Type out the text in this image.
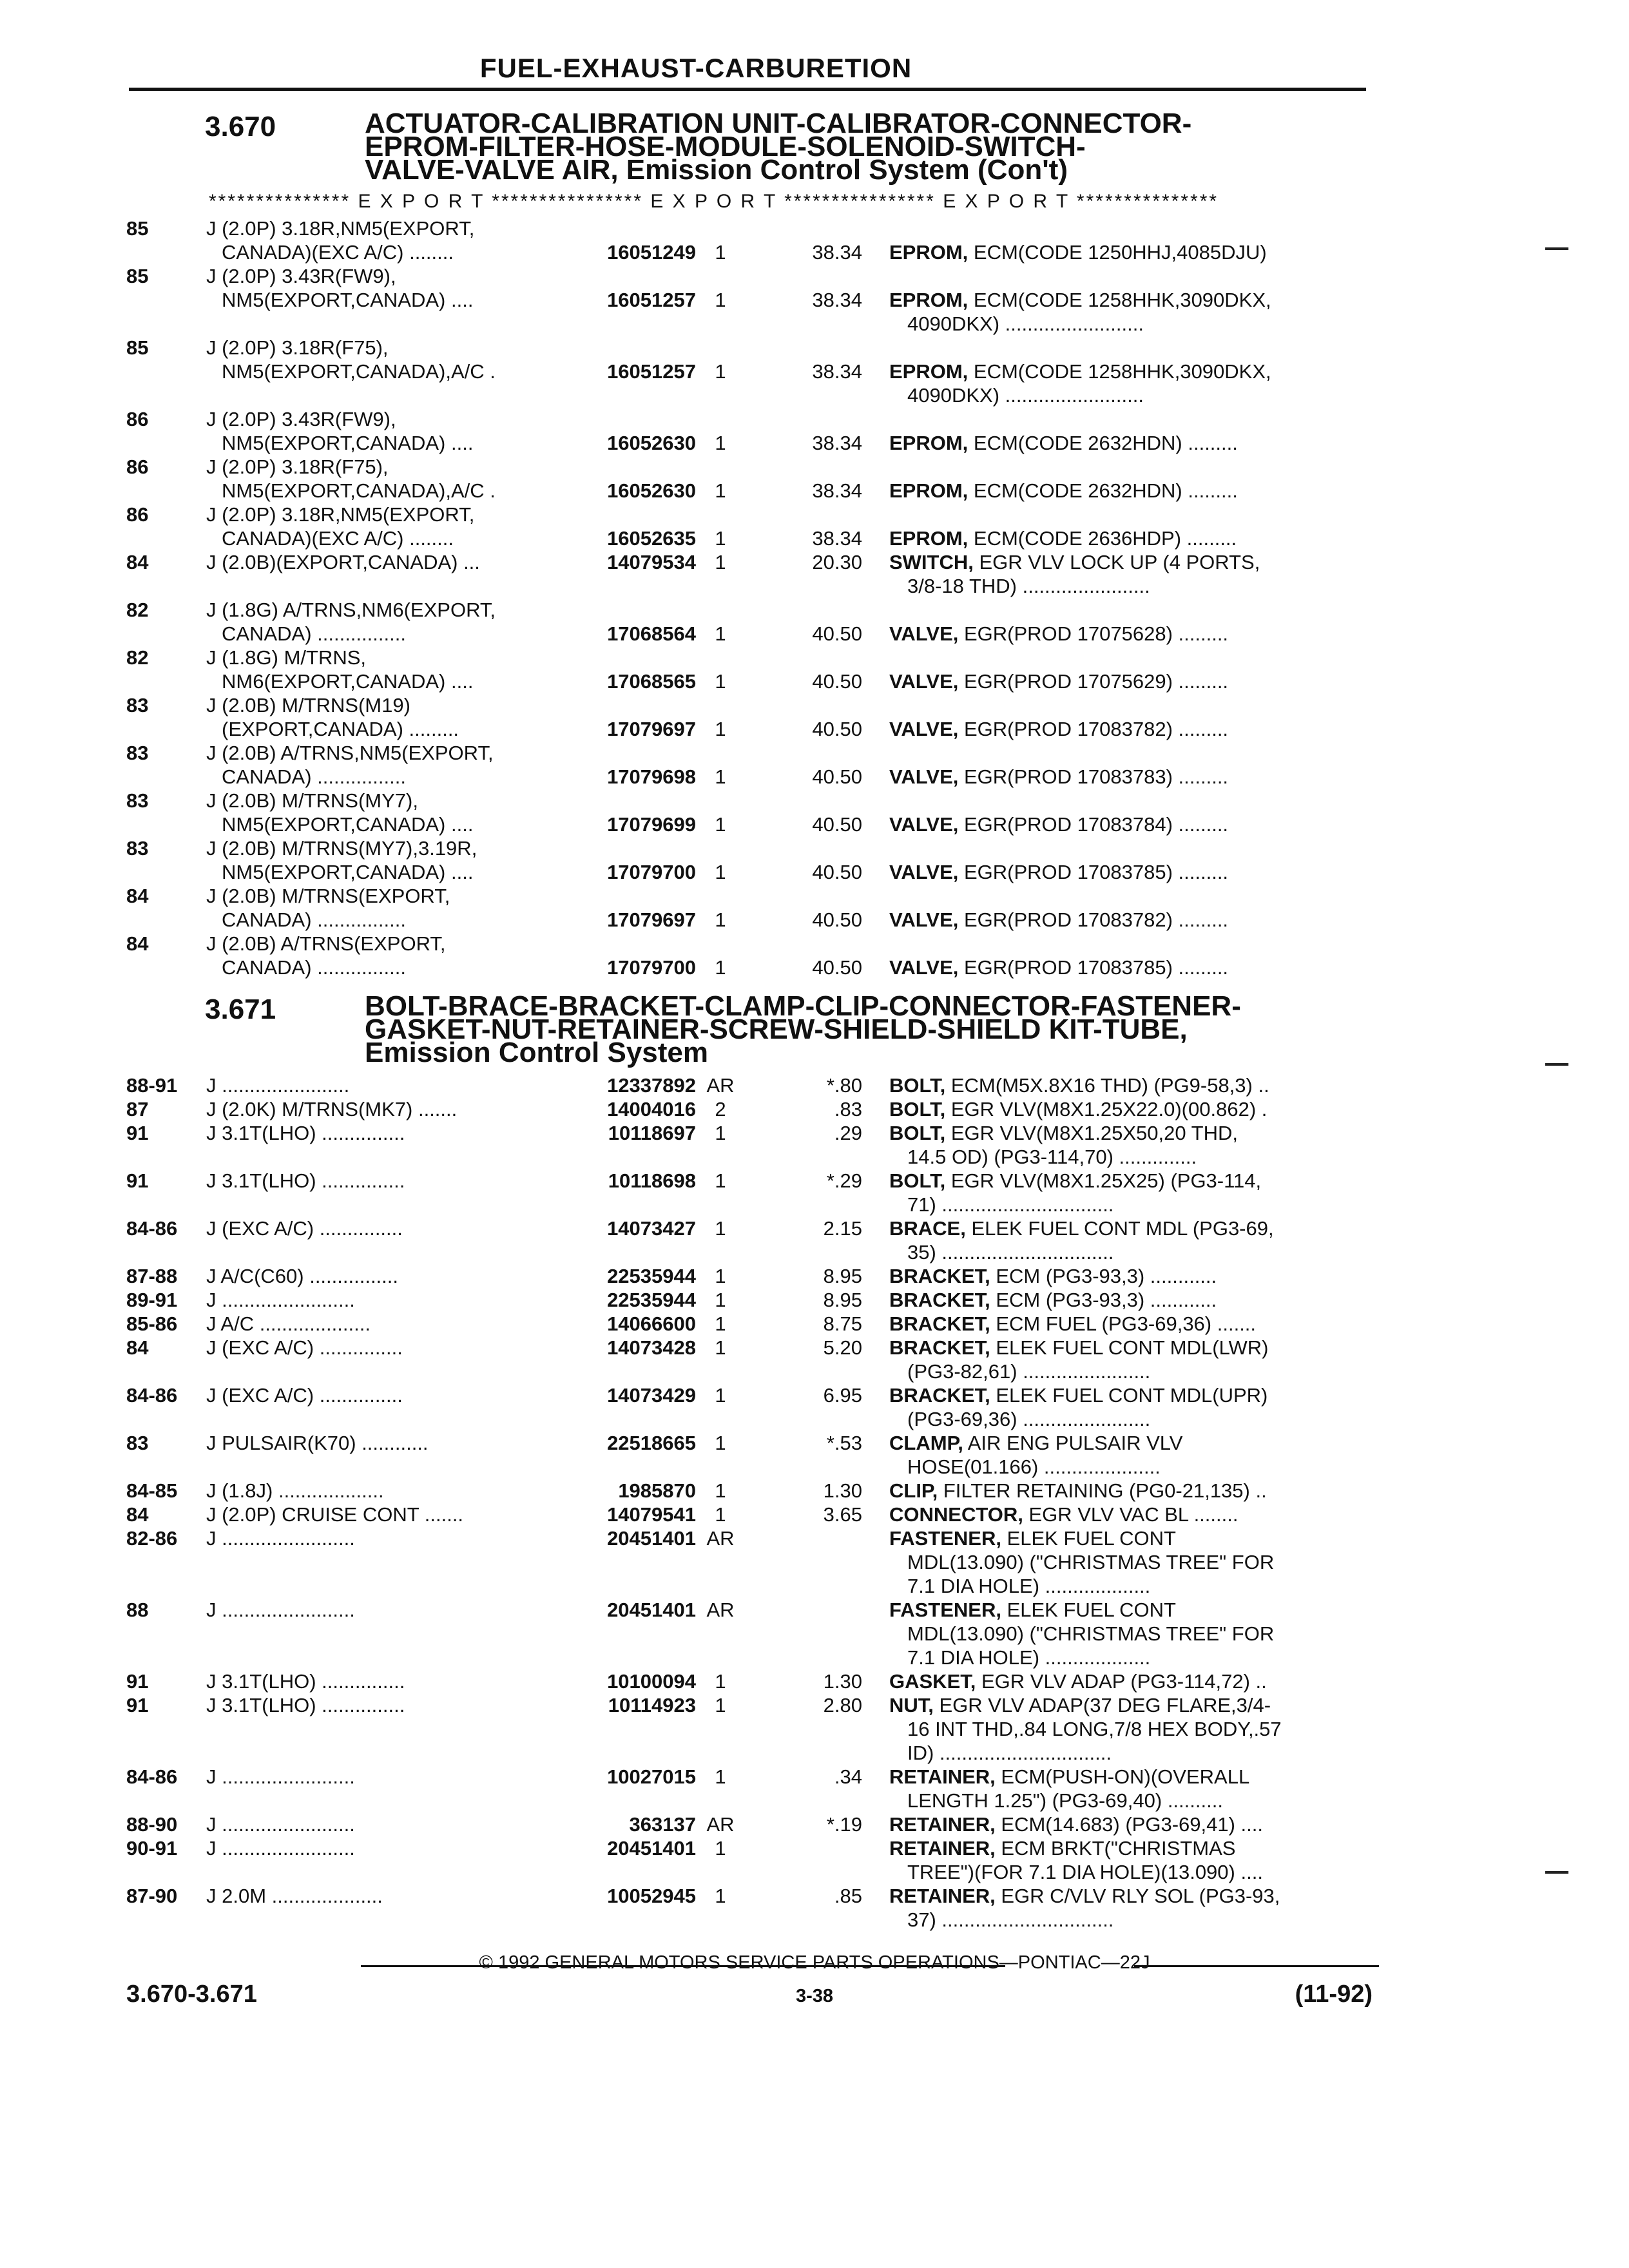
FUEL-EXHAUST-CARBURETION
3.670	ACTUATOR-CALIBRATION UNIT-CALIBRATOR-CONNECTOR-
EPROM-FILTER-HOSE-MODULE-SOLENOID-SWITCH-
VALVE-VALVE AIR, Emission Control System (Con't)
*************** E X P O R T **************** E X P O R T **************** E X P O R T ***************
85	J (2.0P) 3.18R,NM5(EXPORT,
CANADA)(EXC A/C) ........	16051249 1	38.34 EPROM, ECM(CODE 1250HHJ,4085DJU)
85	J (2.0P) 3.43R(FW9),
NM5(EXPORT,CANADA) ....	16051257 1	38.34 EPROM, ECM(CODE 1258HHK,3090DKX,
4090DKX) .........................
85	J (2.0P) 3.18R(F75),
NM5(EXPORT,CANADA),A/C .	16051257 1	38.34 EPROM, ECM(CODE 1258HHK,3090DKX,
4090DKX) .........................
86	J (2.0P) 3.43R(FW9),
NM5(EXPORT,CANADA) ....	16052630 1	38.34 EPROM, ECM(CODE 2632HDN) .........
86	J (2.0P) 3.18R(F75),
NM5(EXPORT,CANADA),A/C .	16052630 1	38.34 EPROM, ECM(CODE 2632HDN) .........
86	J (2.0P) 3.18R,NM5(EXPORT,
CANADA)(EXC A/C) ........	16052635 1	38.34 EPROM, ECM(CODE 2636HDP) .........
84	J (2.0B)(EXPORT,CANADA) ...	14079534 1	20.30 SWITCH, EGR VLV LOCK UP (4 PORTS,
3/8-18 THD) .......................
82	J (1.8G) A/TRNS,NM6(EXPORT,
CANADA) ................	17068564 1	40.50 VALVE, EGR(PROD 17075628) .........
82	J (1.8G) M/TRNS,
NM6(EXPORT,CANADA) ....	17068565 1	40.50 VALVE, EGR(PROD 17075629) .........
83	J (2.0B) M/TRNS(M19)
(EXPORT,CANADA) .........	17079697 1	40.50 VALVE, EGR(PROD 17083782) .........
83	J (2.0B) A/TRNS,NM5(EXPORT,
CANADA) ................	17079698 1	40.50 VALVE, EGR(PROD 17083783) .........
83	J (2.0B) M/TRNS(MY7),
NM5(EXPORT,CANADA) ....	17079699 1	40.50 VALVE, EGR(PROD 17083784) .........
83	J (2.0B) M/TRNS(MY7),3.19R,
NM5(EXPORT,CANADA) ....	17079700 1	40.50 VALVE, EGR(PROD 17083785) .........
84	J (2.0B) M/TRNS(EXPORT,
CANADA) ................	17079697 1	40.50 VALVE, EGR(PROD 17083782) .........
84	J (2.0B) A/TRNS(EXPORT,
CANADA) ................	17079700 1	40.50 VALVE, EGR(PROD 17083785) .........
3.671	BOLT-BRACE-BRACKET-CLAMP-CLIP-CONNECTOR-FASTENER-
GASKET-NUT-RETAINER-SCREW-SHIELD-SHIELD KIT-TUBE,
Emission Control System
88-91 J .......................	12337892 AR	*.80 BOLT, ECM(M5X.8X16 THD) (PG9-58,3) ..
87	J (2.0K) M/TRNS(MK7) .......	14004016 2	.83 BOLT, EGR VLV(M8X1.25X22.0)(00.862) .
91	J 3.1T(LHO) ...............	10118697 1	.29 BOLT, EGR VLV(M8X1.25X50,20 THD,
14.5 OD) (PG3-114,70) ..............
91	J 3.1T(LHO) ...............	10118698 1	*.29 BOLT, EGR VLV(M8X1.25X25) (PG3-114,
71) ...............................
84-86 J (EXC A/C) ...............	14073427 1	2.15 BRACE, ELEK FUEL CONT MDL (PG3-69,
35) ...............................
87-88 J A/C(C60) ................	22535944 1	8.95 BRACKET, ECM (PG3-93,3) ............
89-91 J ........................	22535944 1	8.95 BRACKET, ECM (PG3-93,3) ............
85-86 J A/C ....................	14066600 1	8.75 BRACKET, ECM FUEL (PG3-69,36) .......
84	J (EXC A/C) ...............	14073428 1	5.20 BRACKET, ELEK FUEL CONT MDL(LWR)
(PG3-82,61) .......................
84-86 J (EXC A/C) ...............	14073429 1	6.95 BRACKET, ELEK FUEL CONT MDL(UPR)
(PG3-69,36) .......................
83	J PULSAIR(K70) ............	22518665 1	*.53 CLAMP, AIR ENG PULSAIR VLV
HOSE(01.166) .....................
84-85 J (1.8J) ...................	1985870 1	1.30 CLIP, FILTER RETAINING (PG0-21,135) ..
84	J (2.0P) CRUISE CONT .......	14079541 1	3.65 CONNECTOR, EGR VLV VAC BL ........
82-86 J ........................	20451401 AR	FASTENER, ELEK FUEL CONT
MDL(13.090) ("CHRISTMAS TREE" FOR
7.1 DIA HOLE) ...................
88	J ........................	20451401 AR	FASTENER, ELEK FUEL CONT
MDL(13.090) ("CHRISTMAS TREE" FOR
7.1 DIA HOLE) ...................
91	J 3.1T(LHO) ...............	10100094 1	1.30 GASKET, EGR VLV ADAP (PG3-114,72) ..
91	J 3.1T(LHO) ...............	10114923 1	2.80 NUT, EGR VLV ADAP(37 DEG FLARE,3/4-
16 INT THD,.84 LONG,7/8 HEX BODY,.57
ID) ...............................
84-86 J ........................	10027015 1	.34 RETAINER, ECM(PUSH-ON)(OVERALL
LENGTH 1.25") (PG3-69,40) ..........
88-90 J ........................	363137 AR	*.19 RETAINER, ECM(14.683) (PG3-69,41) ....
90-91 J ........................	20451401 1	RETAINER, ECM BRKT("CHRISTMAS
TREE")(FOR 7.1 DIA HOLE)(13.090) ....
87-90 J 2.0M ....................	10052945 1	.85 RETAINER, EGR C/VLV RLY SOL (PG3-93,
37) ...............................
© 1992 GENERAL MOTORS SERVICE PARTS OPERATIONS—PONTIAC—22J
3.670-3.671	3-38	(11-92)
